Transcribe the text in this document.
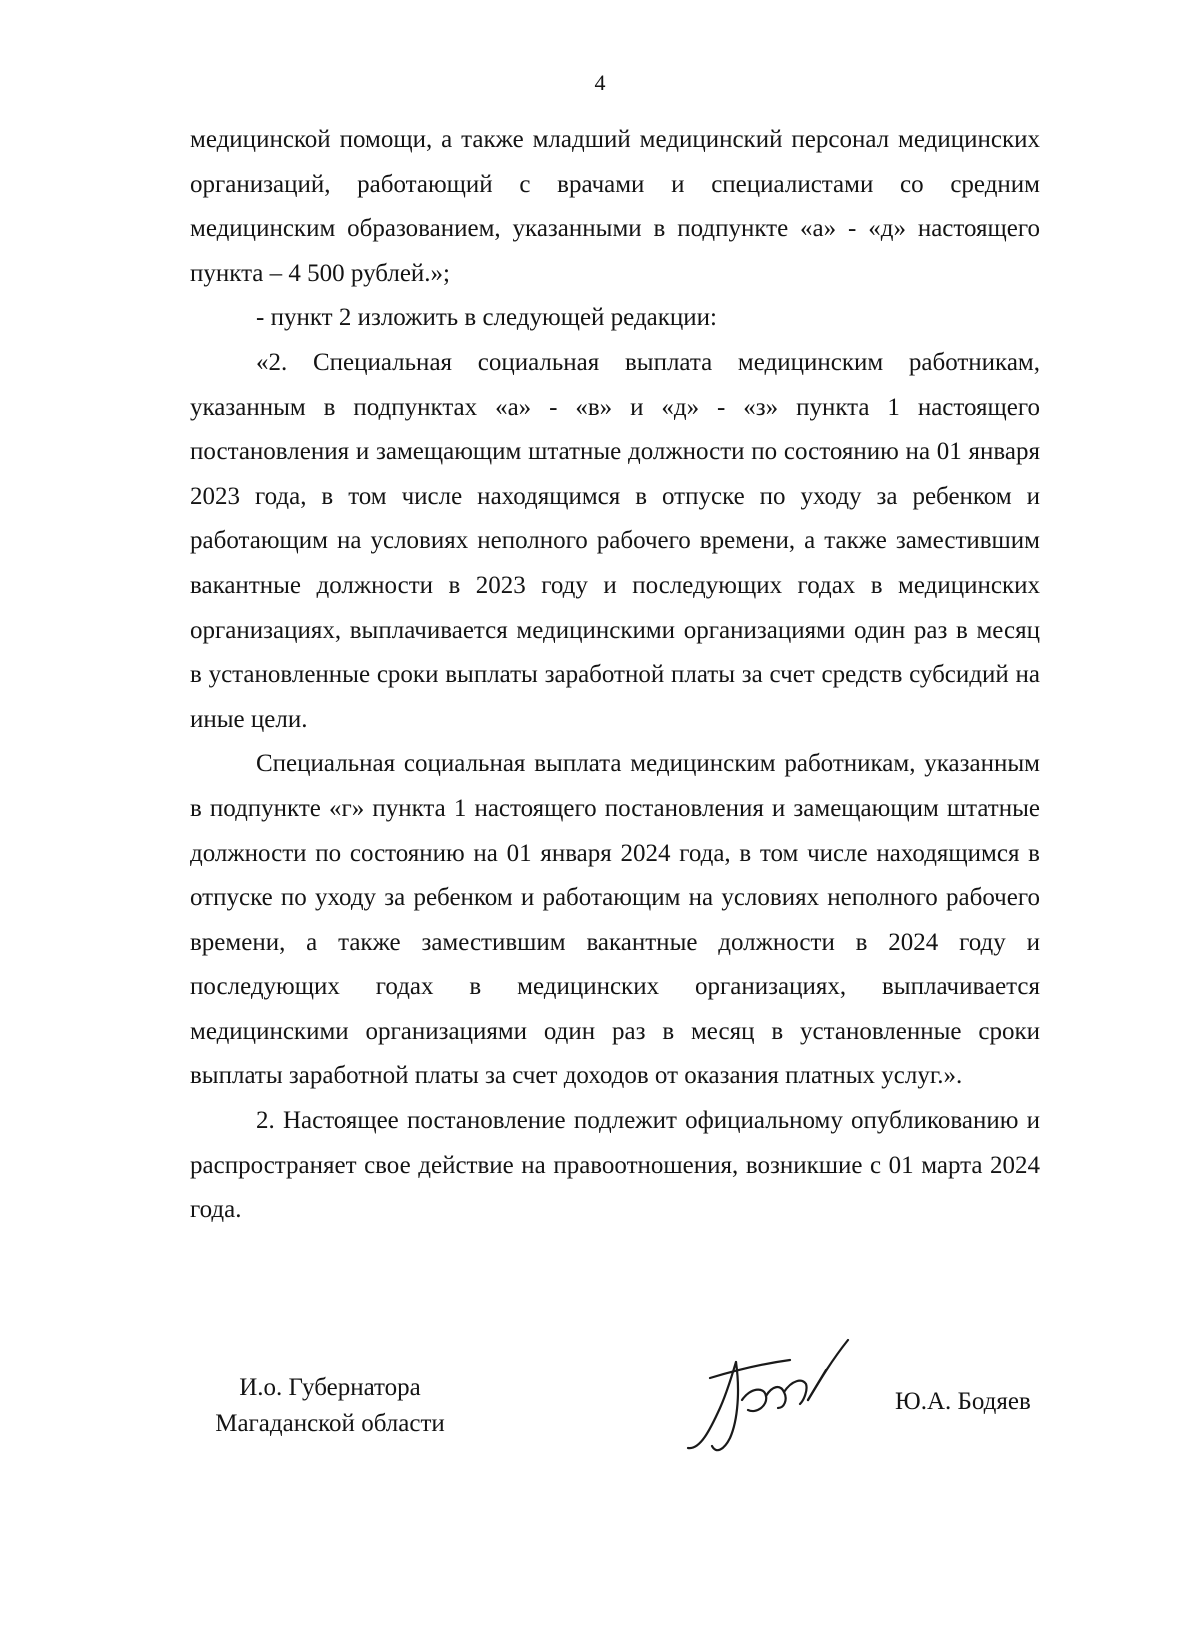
4

медицинской помощи, а также младший медицинский персонал медицинских организаций, работающий с врачами и специалистами со средним медицинским образованием, указанными в подпункте «а» - «д» настоящего пункта – 4 500 рублей.»;

- пункт 2 изложить в следующей редакции:

«2. Специальная социальная выплата медицинским работникам, указанным в подпунктах «а» - «в» и «д» - «з» пункта 1 настоящего постановления и замещающим штатные должности по состоянию на 01 января 2023 года, в том числе находящимся в отпуске по уходу за ребенком и работающим на условиях неполного рабочего времени, а также заместившим вакантные должности в 2023 году и последующих годах в медицинских организациях, выплачивается медицинскими организациями один раз в месяц в установленные сроки выплаты заработной платы за счет средств субсидий на иные цели.

Специальная социальная выплата медицинским работникам, указанным в подпункте «г» пункта 1 настоящего постановления и замещающим штатные должности по состоянию на 01 января 2024 года, в том числе находящимся в отпуске по уходу за ребенком и работающим на условиях неполного рабочего времени, а также заместившим вакантные должности в 2024 году и последующих годах в медицинских организациях, выплачивается медицинскими организациями один раз в месяц в установленные сроки выплаты заработной платы за счет доходов от оказания платных услуг.».

2. Настоящее постановление подлежит официальному опубликованию и распространяет свое действие на правоотношения, возникшие с 01 марта 2024 года.

И.о. Губернатора
Магаданской области
Ю.А. Бодяев
